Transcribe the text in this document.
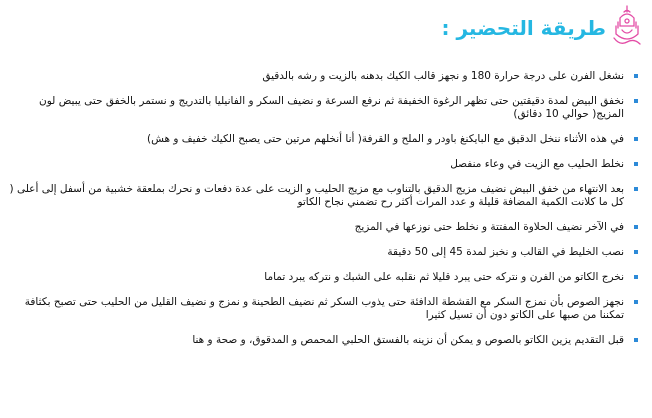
طريقة التحضير :
نشغل الفرن على درجة حرارة 180 و نجهز قالب الكيك بدهنه بالزيت و رشه بالدقيق
نخفق البيض لمدة دقيقتين حتى تظهر الرغوة الخفيفة ثم نرفع السرعة و نضيف السكر و الفانيليا بالتدريج و نستمر بالخفق حتى يبيض لون المزيج( حوالي 10 دقائق)
في هذه الأثناء ننخل الدقيق مع البايكنغ باودر و الملح و القرفة( أنا أنخلهم مرتين حتى يصبح الكيك خفيف و هش)
نخلط الحليب مع الزيت في وعاء منفصل
بعد الانتهاء من خفق البيض نضيف مزيج الدقيق بالتناوب مع مزيج الحليب و الزيت على عدة دفعات و نحرك بملعقة خشبية من أسفل إلى أعلى ( كل ما كلانت الكمية المضافة قليلة و عدد المرات أكثر رح تضمني نجاح الكاتو
في الآخر نضيف الحلاوة المفتتة و نخلط حتى نوزعها في المزيج
نصب الخليط في القالب و نخبز لمدة 45 إلى 50 دقيقة
نخرج الكاتو من الفرن و نتركه حتى يبرد قليلا ثم نقلبه على الشبك و نتركه يبرد تماما
نجهز الصوص بأن نمزج السكر مع القشطة الدافئة حتى يذوب السكر ثم نضيف الطحينة و نمزج و نضيف القليل من الحليب حتى تصبح بكثافة تمكننا من صبها على الكاتو دون أن تسيل كثيرا
قبل التقديم يزين الكاتو بالصوص و يمكن أن نزينه بالفستق الحلبي المحمص و المدقوق، و صحة و هنا
